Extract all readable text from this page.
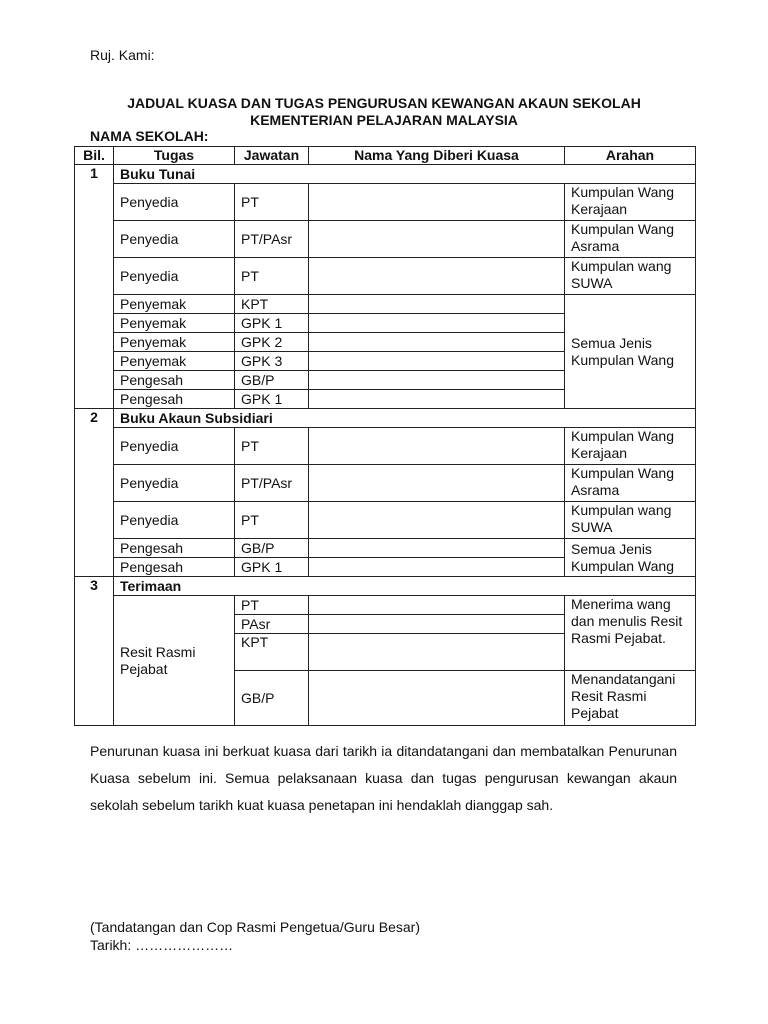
Ruj. Kami:
JADUAL KUASA DAN TUGAS PENGURUSAN KEWANGAN AKAUN SEKOLAH
KEMENTERIAN PELAJARAN MALAYSIA
NAMA SEKOLAH:
Bil.	Tugas	Jawatan	Nama Yang Diberi Kuasa	Arahan
1	Buku Tunai			
	Penyedia	PT		Kumpulan Wang Kerajaan
	Penyedia	PT/PAsr		Kumpulan Wang Asrama
	Penyedia	PT		Kumpulan wang SUWA
	Penyemak	KPT		Semua Jenis Kumpulan Wang
	Penyemak	GPK 1		
	Penyemak	GPK 2		
	Penyemak	GPK 3		
	Pengesah	GB/P		
	Pengesah	GPK 1		
2	Buku Akaun Subsidiari			
	Penyedia	PT		Kumpulan Wang Kerajaan
	Penyedia	PT/PAsr		Kumpulan Wang Asrama
	Penyedia	PT		Kumpulan wang SUWA
	Pengesah	GB/P		Semua Jenis Kumpulan Wang
	Pengesah	GPK 1		
3	Terimaan			
	Resit Rasmi Pejabat	PT		Menerima wang dan menulis Resit Rasmi Pejabat.
		PAsr		
		KPT		
		GB/P		Menandatangani Resit Rasmi Pejabat
Penurunan kuasa ini berkuat kuasa dari tarikh ia ditandatangani dan membatalkan Penurunan Kuasa sebelum ini. Semua pelaksanaan kuasa dan tugas pengurusan kewangan akaun sekolah sebelum tarikh kuat kuasa penetapan ini hendaklah dianggap sah.
(Tandatangan dan Cop Rasmi Pengetua/Guru Besar)
Tarikh: …………………
